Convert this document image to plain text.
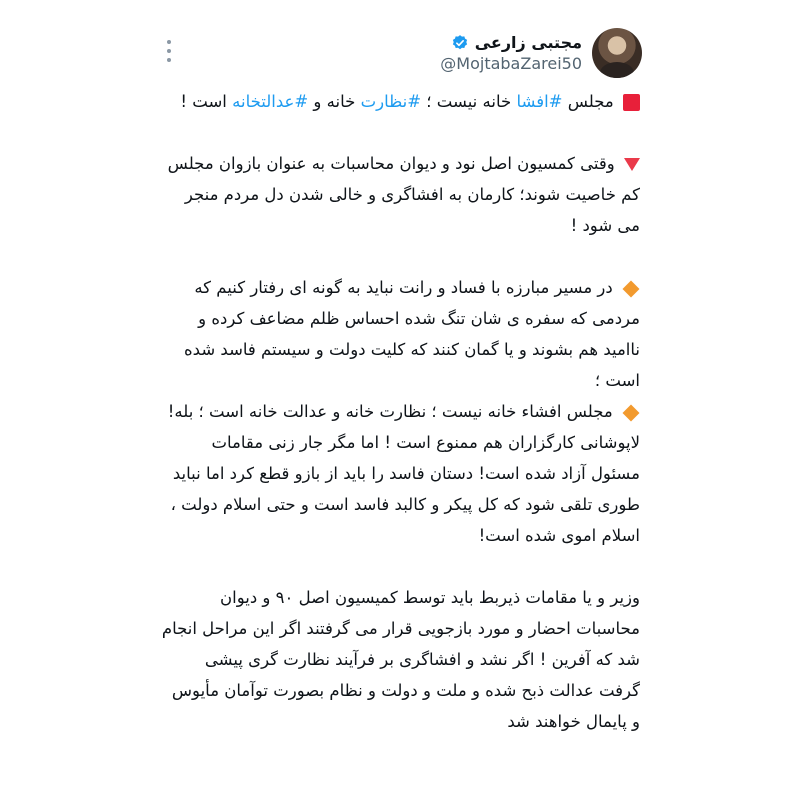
مجتبی زارعی
@MojtabaZarei50

مجلس #افشا خانه نیست ؛ #نظارت خانه و #عدالتخانه است !

وقتی کمسیون اصل نود و دیوان محاسبات به عنوان بازوان مجلس کم خاصیت شوند؛ کارمان به افشاگری و خالی شدن دل مردم منجر می شود !

در مسیر مبارزه با فساد و رانت نباید به گونه ای رفتار کنیم که مردمی که سفره ی شان تنگ شده احساس ظلم مضاعف کرده و ناامید هم بشوند و یا گمان کنند که کلیت دولت و سیستم فاسد شده است ؛

مجلس افشاء خانه نیست ؛ نظارت خانه و عدالت خانه است ؛ بله! لاپوشانی کارگزاران هم ممنوع است ! اما مگر جار زنی مقامات مسئول آزاد شده است! دستان فاسد را باید از بازو قطع کرد اما نباید طوری تلقی شود که کل پیکر و کالبد فاسد است و حتی اسلام دولت ، اسلام اموی شده است!

وزیر و یا مقامات ذیربط باید توسط کمیسیون اصل ۹۰ و دیوان محاسبات احضار و مورد بازجویی قرار می گرفتند اگر این مراحل انجام شد که آفرین ! اگر نشد و افشاگری بر فرآیند نظارت گری پیشی گرفت عدالت ذبح شده و ملت و دولت و نظام بصورت توآمان مأیوس و پایمال خواهند شد
